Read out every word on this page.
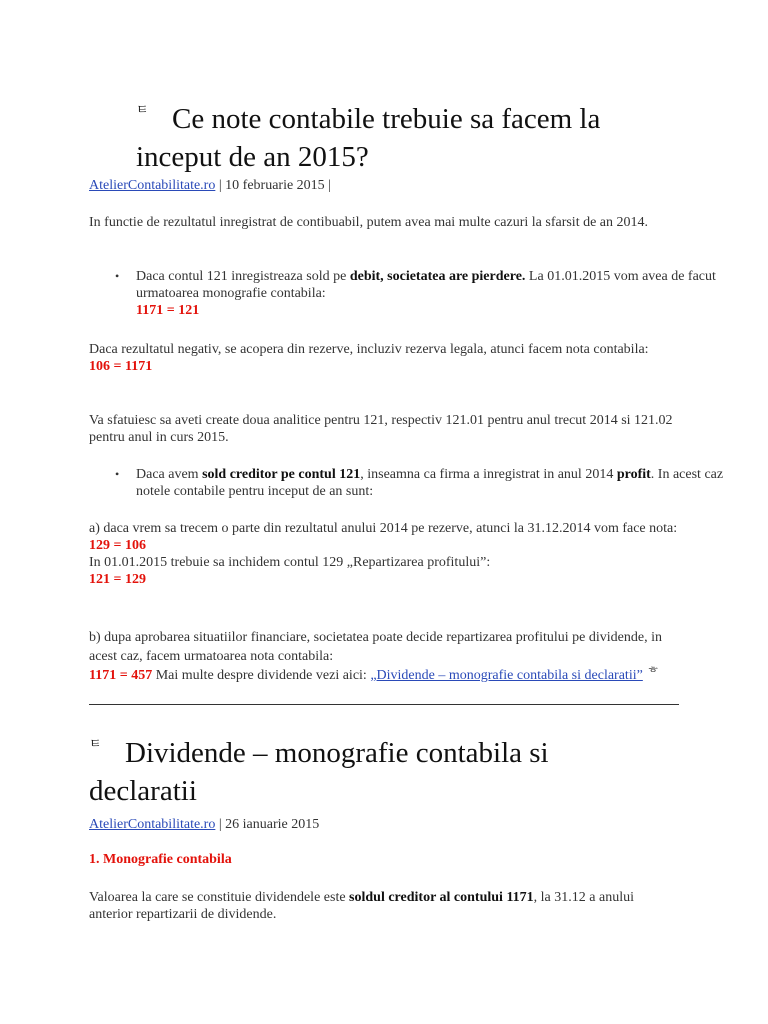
ㅌ Ce note contabile trebuie sa facem la

inceput de an 2015?

AtelierContabilitate.ro | 10 februarie 2015 |

In functie de rezultatul inregistrat de contibuabil, putem avea mai multe cazuri la sfarsit de an 2014.

• Daca contul 121 inregistreaza sold pe debit, societatea are pierdere. La 01.01.2015 vom avea de facut urmatoarea monografie contabila:
1171 = 121
Daca rezultatul negativ, se acopera din rezerve, incluziv rezerva legala, atunci facem nota contabila:
106 = 1171

Va sfatuiesc sa aveti create doua analitice pentru 121, respectiv 121.01 pentru anul trecut 2014 si 121.02 pentru anul in curs 2015.

• Daca avem sold creditor pe contul 121, inseamna ca firma a inregistrat in anul 2014 profit. In acest caz notele contabile pentru inceput de an sunt:
a) daca vrem sa trecem o parte din rezultatul anului 2014 pe rezerve, atunci la 31.12.2014 vom face nota:
129 = 106
In 01.01.2015 trebuie sa inchidem contul 129 „Repartizarea profitului”:
121 = 129
b) dupa aprobarea situatiilor financiare, societatea poate decide repartizarea profitului pe dividende, in acest caz, facem urmatoarea nota contabila:
1171 = 457 Mai multe despre dividende vezi aici: „Dividende – monografie contabila si declaratii” ᄒ

ㅌ Dividende – monografie contabila si

declaratii

AtelierContabilitate.ro | 26 ianuarie 2015

1. Monografie contabila

Valoarea la care se constituie dividendele este soldul creditor al contului 1171, la 31.12 a anului anterior repartizarii de dividende.
